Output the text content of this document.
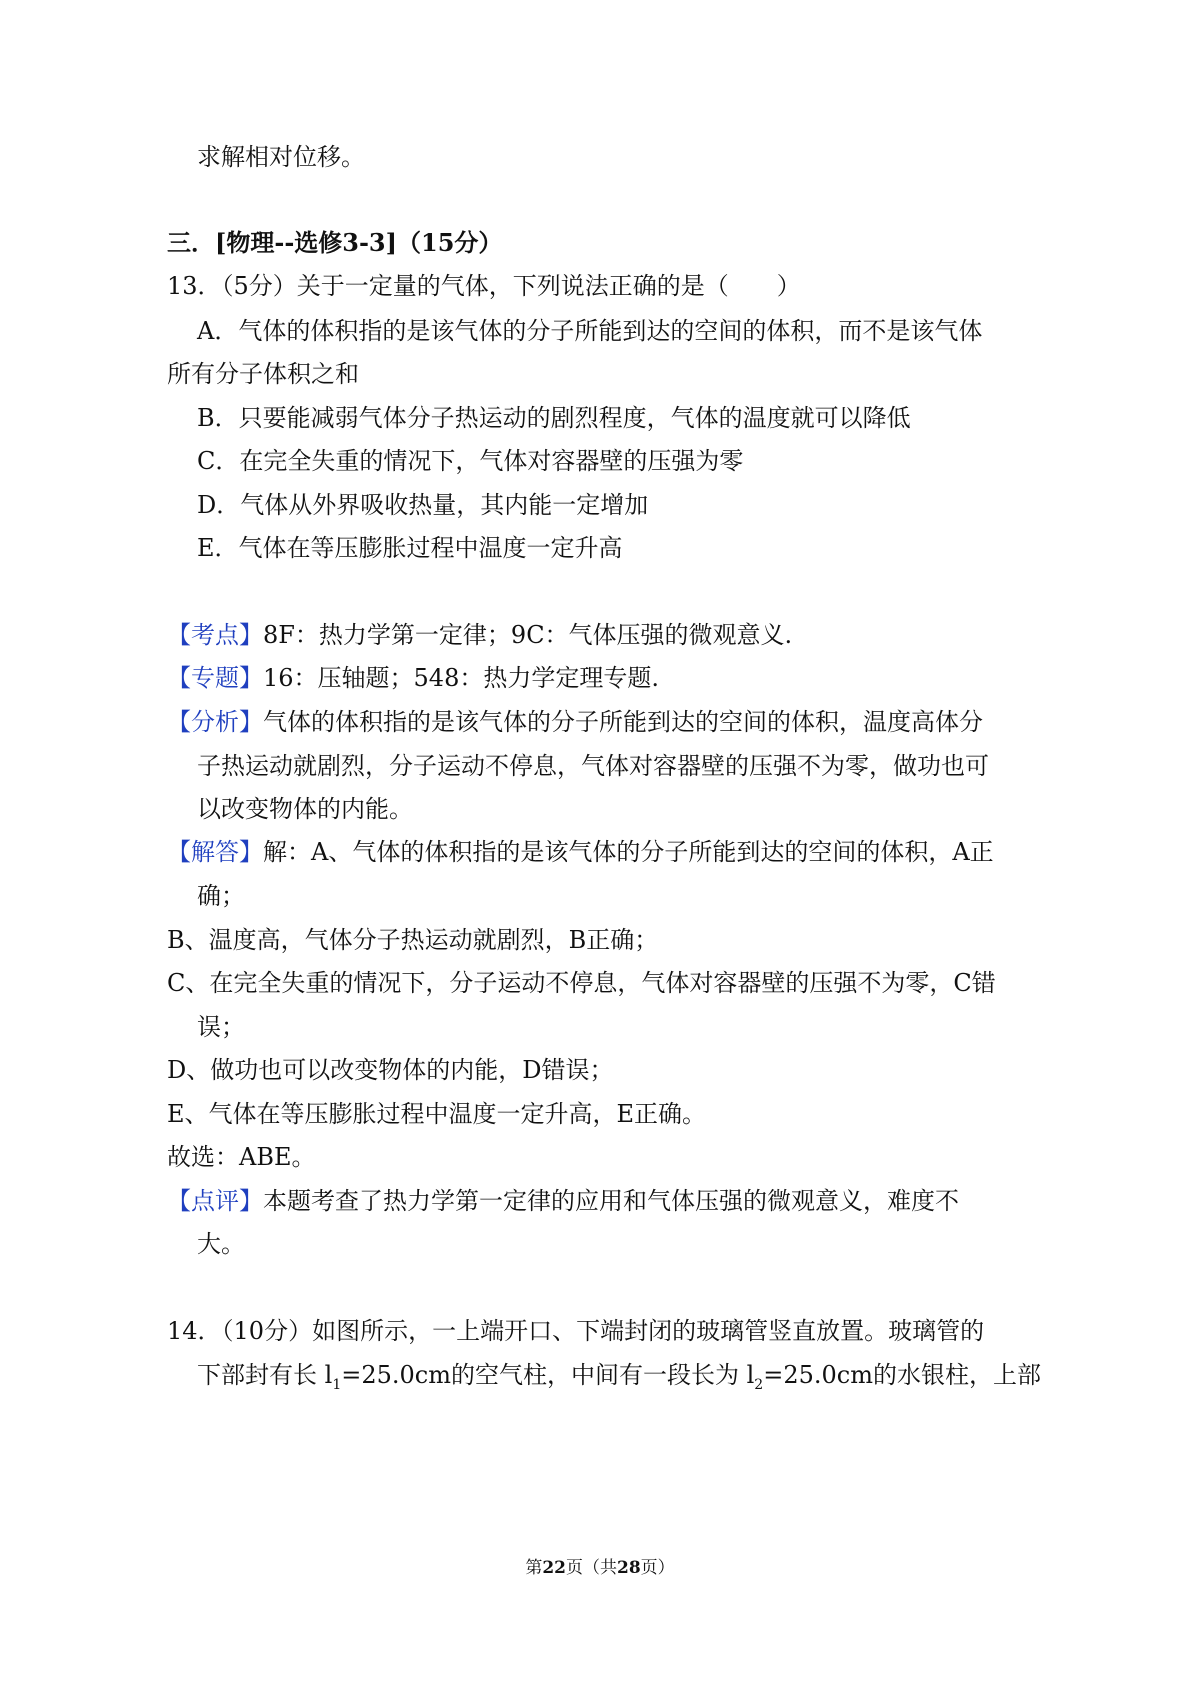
求解相对位移。
三．[物理--选修3-3]（15分）
13．（5分）关于一定量的气体，下列说法正确的是（　　）
A．气体的体积指的是该气体的分子所能到达的空间的体积，而不是该气体
所有分子体积之和
B．只要能减弱气体分子热运动的剧烈程度，气体的温度就可以降低
C．在完全失重的情况下，气体对容器壁的压强为零
D．气体从外界吸收热量，其内能一定增加
E．气体在等压膨胀过程中温度一定升高
【考点】8F：热力学第一定律；9C：气体压强的微观意义.
【专题】16：压轴题；548：热力学定理专题.
【分析】气体的体积指的是该气体的分子所能到达的空间的体积，温度高体分
子热运动就剧烈，分子运动不停息，气体对容器壁的压强不为零，做功也可
以改变物体的内能。
【解答】解：A、气体的体积指的是该气体的分子所能到达的空间的体积，A正
确；
B、温度高，气体分子热运动就剧烈，B正确；
C、在完全失重的情况下，分子运动不停息，气体对容器壁的压强不为零，C错
误；
D、做功也可以改变物体的内能，D错误；
E、气体在等压膨胀过程中温度一定升高，E正确。
故选：ABE。
【点评】本题考查了热力学第一定律的应用和气体压强的微观意义，难度不
大。
14．（10分）如图所示，一上端开口、下端封闭的玻璃管竖直放置。玻璃管的
下部封有长 $l_1=25.0cm$的空气柱，中间有一段长为 $l_2=25.0cm$的水银柱，上部
第22页（共28页）
